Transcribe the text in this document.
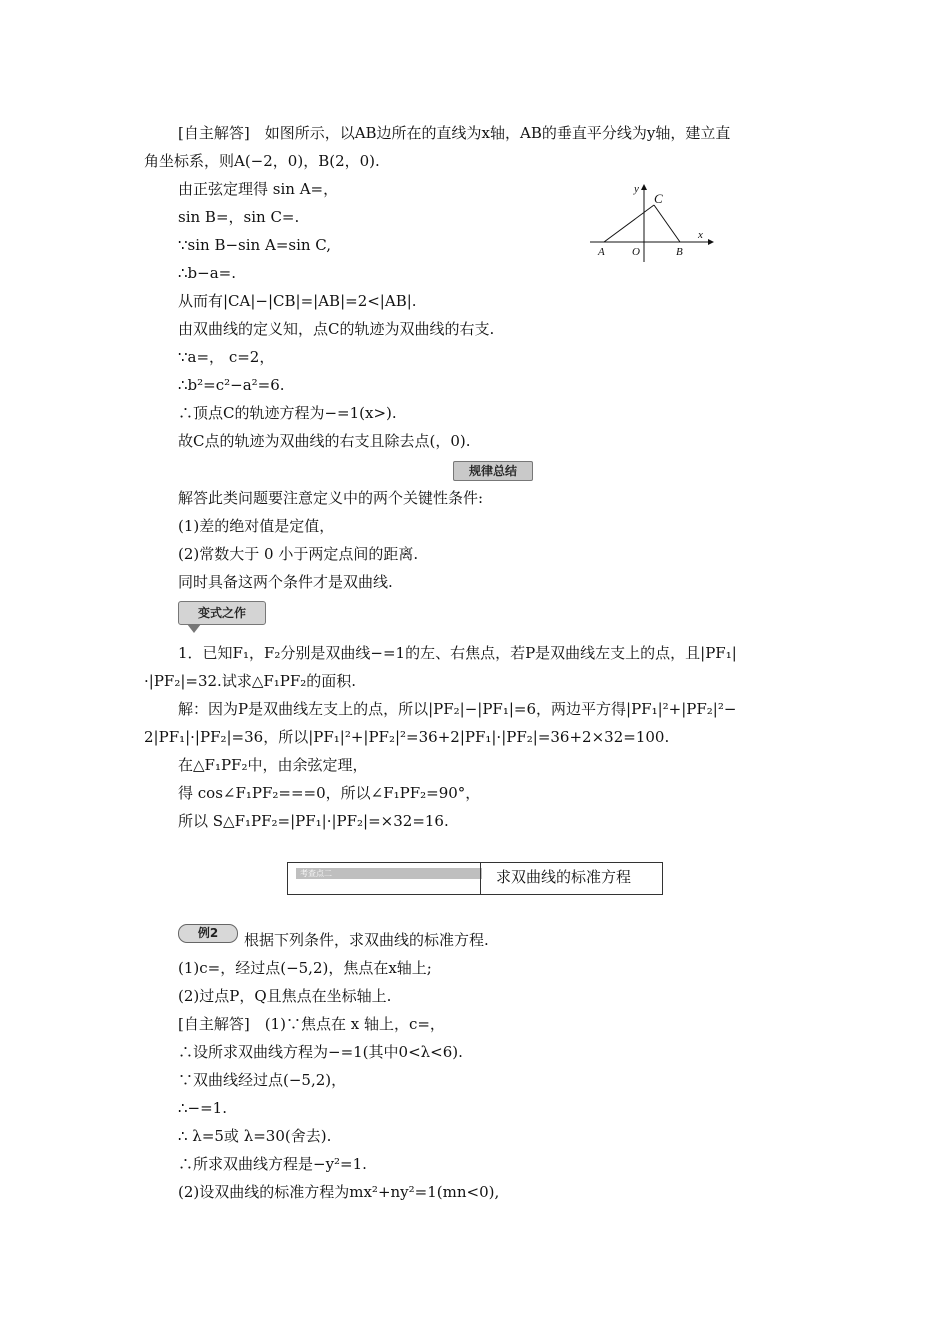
[自主解答]　如图所示，以AB边所在的直线为x轴，AB的垂直平分线为y轴，建立直
角坐标系，则A(−2，0)，B(2，0).
由正弦定理得 sin A=，
sin B=，sin C=.
∵sin B−sin A=sin C,
∴b−a=.
从而有|CA|−|CB|=|AB|=2<|AB|.
由双曲线的定义知，点C的轨迹为双曲线的右支.
∵a=， c=2，
∴b²=c²−a²=6.
∴顶点C的轨迹方程为−=1(x>).
故C点的轨迹为双曲线的右支且除去点(，0).
y
C
A O	B
x
规律总结
解答此类问题要注意定义中的两个关键性条件:
(1)差的绝对值是定值，
(2)常数大于 0 小于两定点间的距离.
同时具备这两个条件才是双曲线.
变式之作
1．已知F₁，F₂分别是双曲线−=1的左、右焦点，若P是双曲线左支上的点，且|PF₁|
·|PF₂|=32.试求△F₁PF₂的面积.
解：因为P是双曲线左支上的点，所以|PF₂|−|PF₁|=6，两边平方得|PF₁|²+|PF₂|²−
2|PF₁|·|PF₂|=36，所以|PF₁|²+|PF₂|²=36+2|PF₁|·|PF₂|=36+2×32=100.
在△F₁PF₂中，由余弦定理，
得 cos∠F₁PF₂===0，所以∠F₁PF₂=90°，
所以 S△F₁PF₂=|PF₁|·|PF₂|=×32=16.
考查点二	求双曲线的标准方程
例2	根据下列条件，求双曲线的标准方程.
(1)c=，经过点(−5,2)，焦点在x轴上;
(2)过点P，Q且焦点在坐标轴上.
[自主解答]　(1)∵焦点在 x 轴上，c=，
∴设所求双曲线方程为−=1(其中0<λ<6).
∵双曲线经过点(−5,2)，
∴−=1.
∴ λ=5或 λ=30(舍去).
∴所求双曲线方程是−y²=1.
(2)设双曲线的标准方程为mx²+ny²=1(mn<0),
